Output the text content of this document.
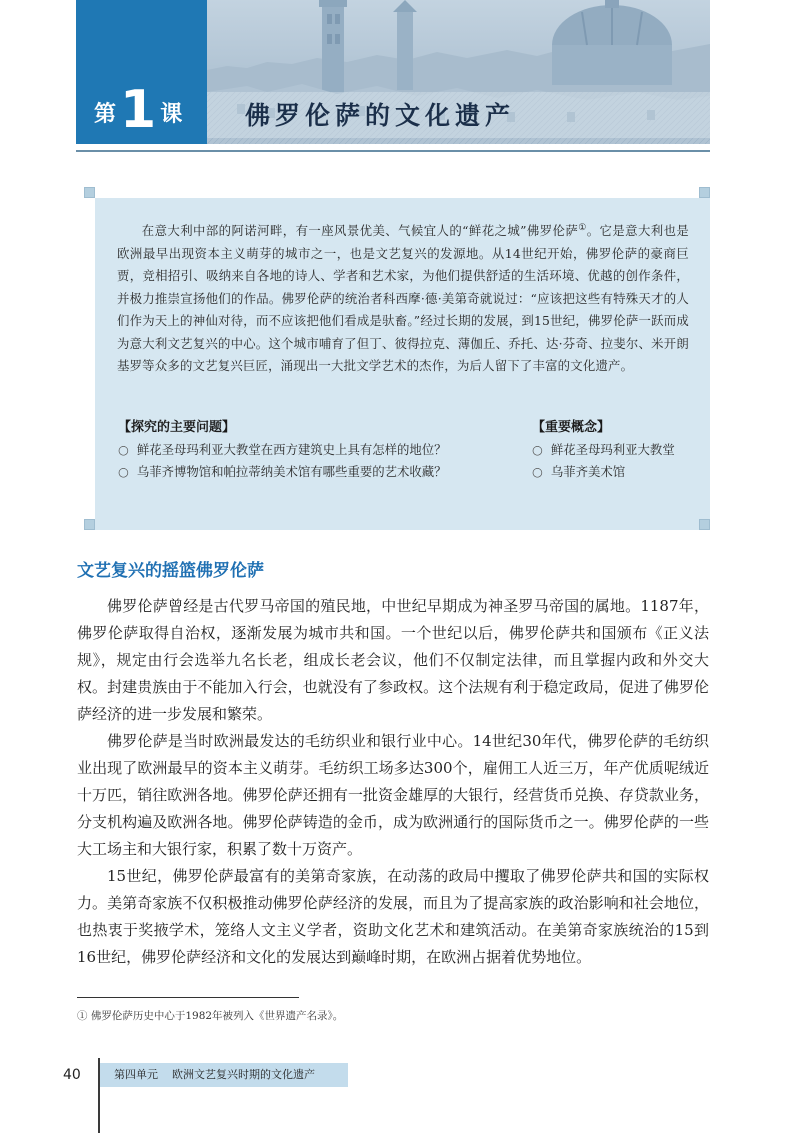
第1 课	佛罗伦萨的文化遗产
在意大利中部的阿诺河畔，有一座风景优美、气候宜人的“鲜花之城”佛罗伦萨①。它是意大利也是欧洲最早出现资本主义萌芽的城市之一，也是文艺复兴的发源地。从14世纪开始，佛罗伦萨的豪商巨贾，竞相招引、吸纳来自各地的诗人、学者和艺术家，为他们提供舒适的生活环境、优越的创作条件，并极力推崇宣扬他们的作品。佛罗伦萨的统治者科西摩·德·美第奇就说过：“应该把这些有特殊天才的人们作为天上的神仙对待，而不应该把他们看成是驮畜。”经过长期的发展，到15世纪，佛罗伦萨一跃而成为意大利文艺复兴的中心。这个城市哺育了但丁、彼得拉克、薄伽丘、乔托、达·芬奇、拉斐尔、米开朗基罗等众多的文艺复兴巨匠，涌现出一大批文学艺术的杰作，为后人留下了丰富的文化遗产。
【探究的主要问题】
○ 鲜花圣母玛利亚大教堂在西方建筑史上具有怎样的地位？
○ 乌菲齐博物馆和帕拉蒂纳美术馆有哪些重要的艺术收藏？
【重要概念】
○ 鲜花圣母玛利亚大教堂
○ 乌菲齐美术馆
文艺复兴的摇篮佛罗伦萨

佛罗伦萨曾经是古代罗马帝国的殖民地，中世纪早期成为神圣罗马帝国的属地。1187年，佛罗伦萨取得自治权，逐渐发展为城市共和国。一个世纪以后，佛罗伦萨共和国颁布《正义法规》，规定由行会选举九名长老，组成长老会议，他们不仅制定法律，而且掌握内政和外交大权。封建贵族由于不能加入行会，也就没有了参政权。这个法规有利于稳定政局，促进了佛罗伦萨经济的进一步发展和繁荣。

佛罗伦萨是当时欧洲最发达的毛纺织业和银行业中心。14世纪30年代，佛罗伦萨的毛纺织业出现了欧洲最早的资本主义萌芽。毛纺织工场多达300个，雇佣工人近三万，年产优质呢绒近十万匹，销往欧洲各地。佛罗伦萨还拥有一批资金雄厚的大银行，经营货币兑换、存贷款业务，分支机构遍及欧洲各地。佛罗伦萨铸造的金币，成为欧洲通行的国际货币之一。佛罗伦萨的一些大工场主和大银行家，积累了数十万资产。

15世纪，佛罗伦萨最富有的美第奇家族，在动荡的政局中攫取了佛罗伦萨共和国的实际权力。美第奇家族不仅积极推动佛罗伦萨经济的发展，而且为了提高家族的政治影响和社会地位，也热衷于奖掖学术，笼络人文主义学者，资助文化艺术和建筑活动。在美第奇家族统治的15到16世纪，佛罗伦萨经济和文化的发展达到巅峰时期，在欧洲占据着优势地位。

① 佛罗伦萨历史中心于1982年被列入《世界遗产名录》。
40	第四单元 欧洲文艺复兴时期的文化遗产
